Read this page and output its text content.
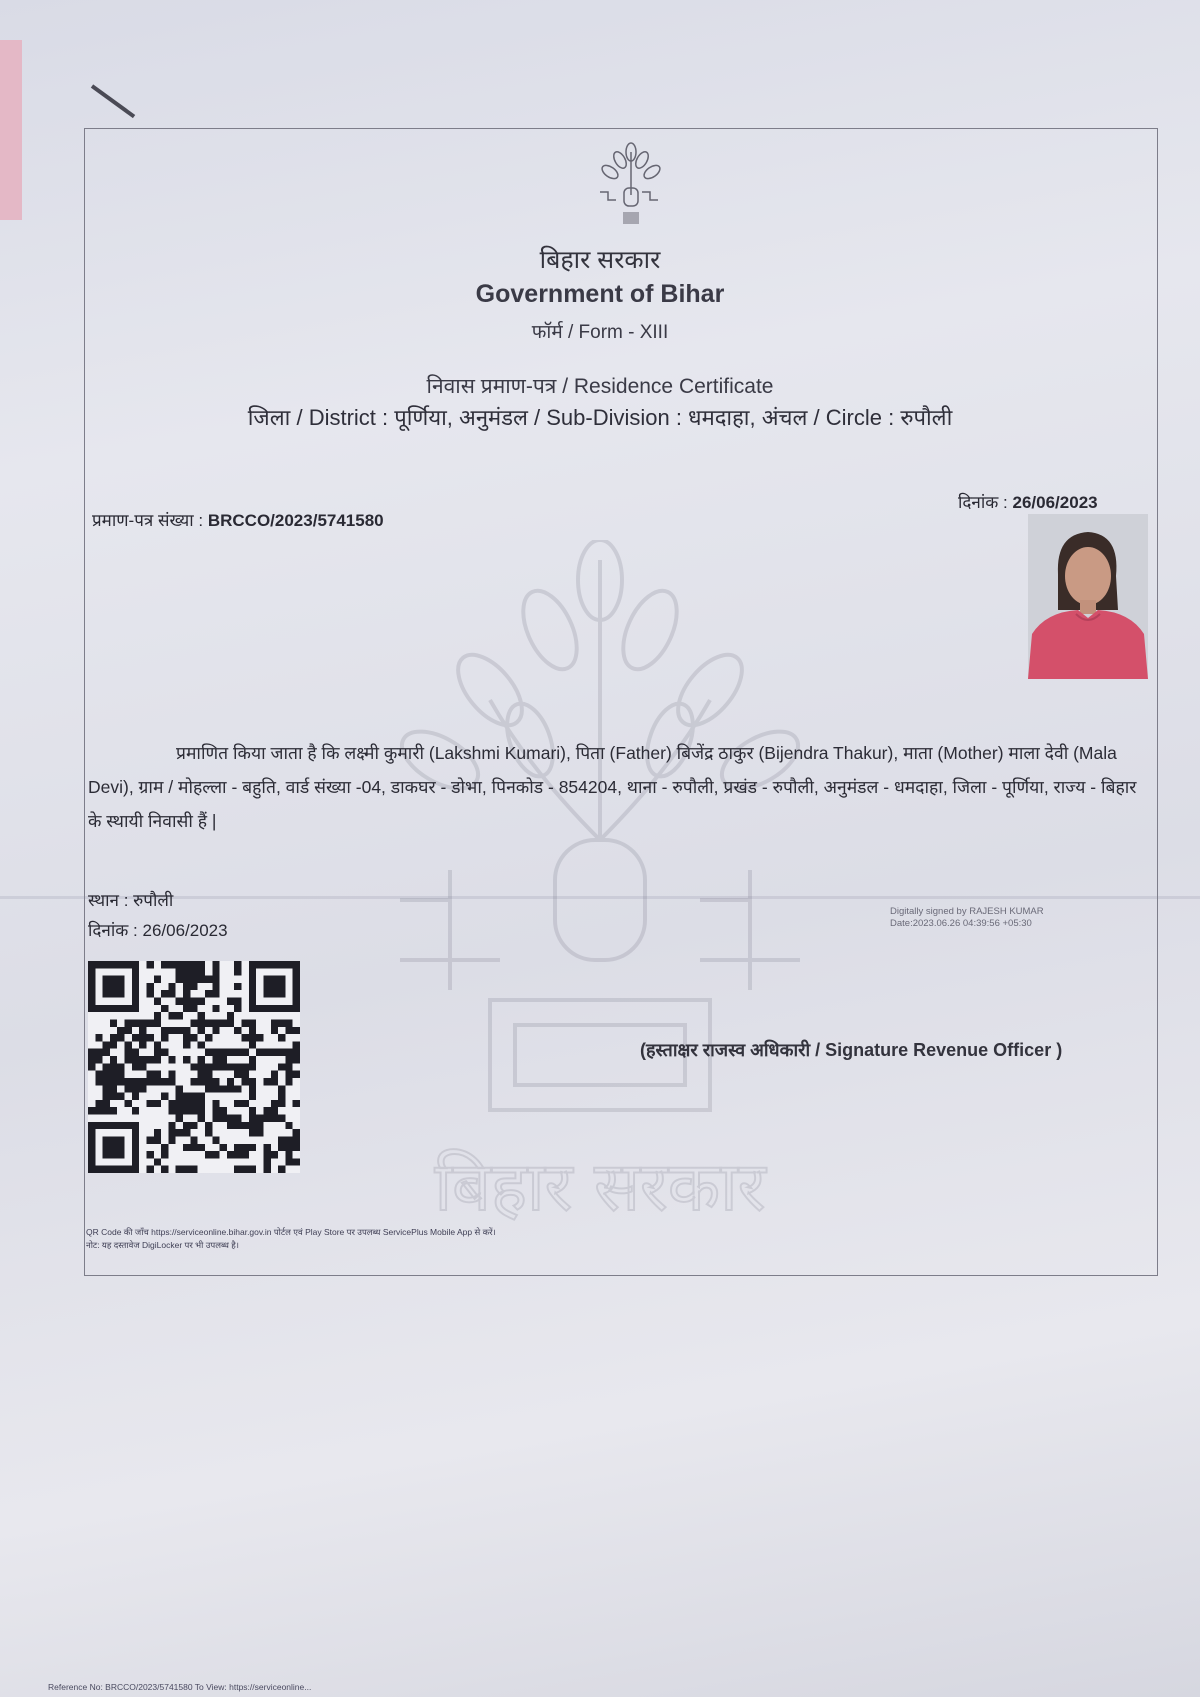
बिहार सरकार
बिहार सरकार
Government of Bihar
फॉर्म / Form - XIII
निवास प्रमाण-पत्र / Residence Certificate
जिला / District : पूर्णिया, अनुमंडल / Sub-Division : धमदाहा, अंचल / Circle : रुपौली
प्रमाण-पत्र संख्या : BRCCO/2023/5741580
दिनांक : 26/06/2023
प्रमाणित किया जाता है कि लक्ष्मी कुमारी (Lakshmi Kumari), पिता (Father) बिजेंद्र ठाकुर (Bijendra Thakur), माता (Mother) माला देवी (Mala Devi), ग्राम / मोहल्ला - बहुति, वार्ड संख्या -04, डाकघर - डोभा, पिनकोड - 854204, थाना - रुपौली, प्रखंड - रुपौली, अनुमंडल - धमदाहा, जिला - पूर्णिया, राज्य - बिहार के स्थायी निवासी हैं |
स्थान : रुपौली
दिनांक : 26/06/2023
Digitally signed by RAJESH KUMAR
Date:2023.06.26 04:39:56 +05:30
(हस्ताक्षर राजस्व अधिकारी / Signature Revenue Officer )
QR Code की जाँच https://serviceonline.bihar.gov.in पोर्टल एवं Play Store पर उपलब्ध ServicePlus Mobile App से करें।
नोट: यह दस्तावेज DigiLocker पर भी उपलब्ध है।
Reference No: BRCCO/2023/5741580 To View: https://serviceonline...
